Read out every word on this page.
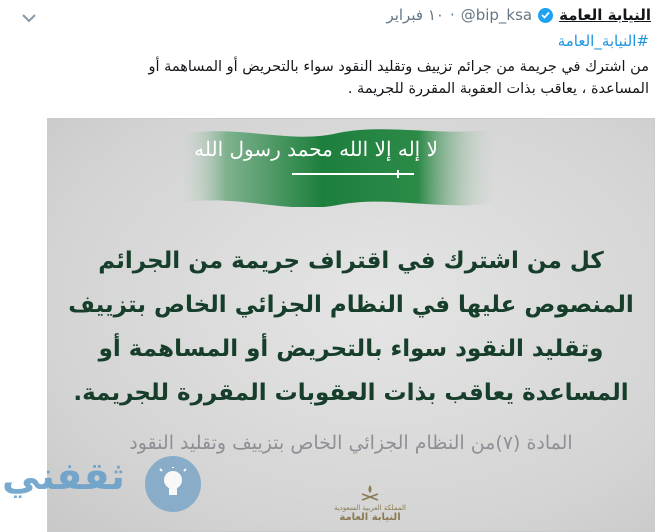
النيابة العامة
@bip_ksa
·
١٠ فبراير
#النيابة_العامة
من اشترك في جريمة من جرائم تزييف وتقليد النقود سواء بالتحريض أو المساهمة أو
المساعدة ، يعاقب بذات العقوبة المقررة للجريمة .
لا إله إلا الله محمد رسول الله
كل من اشترك في اقتراف جريمة من الجرائم
المنصوص عليها في النظام الجزائي الخاص بتزييف
وتقليد النقود سواء بالتحريض أو المساهمة أو
المساعدة يعاقب بذات العقوبات المقررة للجريمة.
المادة (٧)من النظام الجزائي الخاص بتزييف وتقليد النقود
ثقفني
المملكة العربية السعودية
النيابة العامة
